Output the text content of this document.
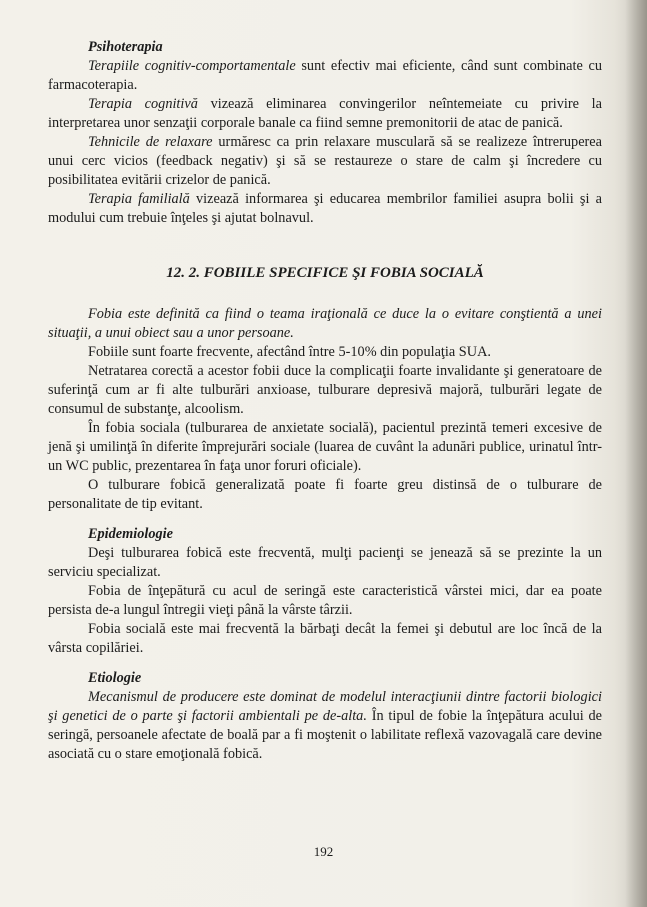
Psihoterapia

Terapiile cognitiv-comportamentale sunt efectiv mai eficiente, când sunt combinate cu farmacoterapia.

Terapia cognitivă vizează eliminarea convingerilor neîntemeiate cu privire la interpretarea unor senzaţii corporale banale ca fiind semne premonitorii de atac de panică.

Tehnicile de relaxare urmăresc ca prin relaxare musculară să se realizeze întreruperea unui cerc vicios (feedback negativ) şi să se restaureze o stare de calm şi încredere cu posibilitatea evitării crizelor de panică.

Terapia familială vizează informarea şi educarea membrilor familiei asupra bolii şi a modului cum trebuie înţeles şi ajutat bolnavul.

12. 2. FOBIILE SPECIFICE ŞI FOBIA SOCIALĂ

Fobia este definită ca fiind o teama iraţională ce duce la o evitare conştientă a unei situaţii, a unui obiect sau a unor persoane.

Fobiile sunt foarte frecvente, afectând între 5-10% din populaţia SUA.

Netratarea corectă a acestor fobii duce la complicaţii foarte invalidante şi generatoare de suferinţă cum ar fi alte tulburări anxioase, tulburare depresivă majoră, tulburări legate de consumul de substanţe, alcoolism.

În fobia sociala (tulburarea de anxietate socială), pacientul prezintă temeri excesive de jenă şi umilinţă în diferite împrejurări sociale (luarea de cuvânt la adunări publice, urinatul într-un WC public, prezentarea în faţa unor foruri oficiale).

O tulburare fobică generalizată poate fi foarte greu distinsă de o tulburare de personalitate de tip evitant.

Epidemiologie

Deşi tulburarea fobică este frecventă, mulţi pacienţi se jenează să se prezinte la un serviciu specializat.

Fobia de înţepătură cu acul de seringă este caracteristică vârstei mici, dar ea poate persista de-a lungul întregii vieţi până la vârste târzii.

Fobia socială este mai frecventă la bărbaţi decât la femei şi debutul are loc încă de la vârsta copilăriei.

Etiologie

Mecanismul de producere este dominat de modelul interacţiunii dintre factorii biologici şi genetici de o parte şi factorii ambientali pe de-alta. În tipul de fobie la înţepătura acului de seringă, persoanele afectate de boală par a fi moştenit o labilitate reflexă vazovagală care devine asociată cu o stare emoţională fobică.

192
